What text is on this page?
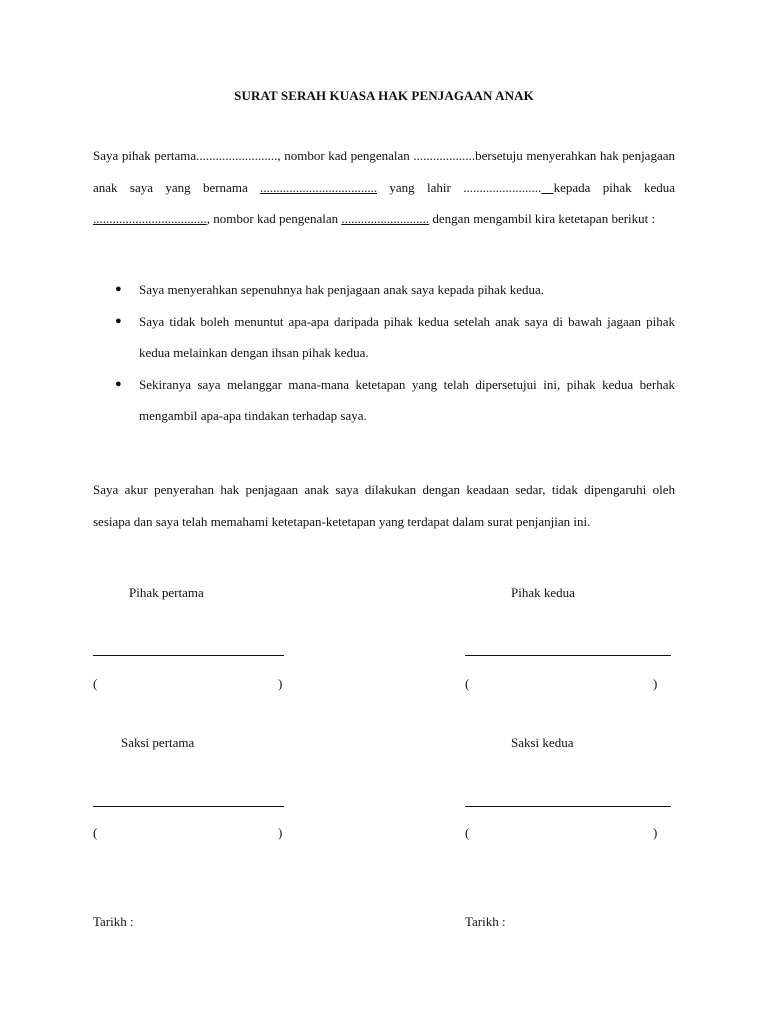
SURAT SERAH KUASA HAK PENJAGAAN ANAK
Saya pihak pertama........................., nombor kad pengenalan ...................bersetuju menyerahkan hak penjagaan anak saya yang bernama .................................... yang lahir ........................ kepada pihak kedua ..................................., nombor kad pengenalan ........................... dengan mengambil kira ketetapan berikut :
● Saya menyerahkan sepenuhnya hak penjagaan anak saya kepada pihak kedua.
● Saya tidak boleh menuntut apa-apa daripada pihak kedua setelah anak saya di bawah jagaan pihak kedua melainkan dengan ihsan pihak kedua.
● Sekiranya saya melanggar mana-mana ketetapan yang telah dipersetujui ini, pihak kedua berhak mengambil apa-apa tindakan terhadap saya.
Saya akur penyerahan hak penjagaan anak saya dilakukan dengan keadaan sedar, tidak dipengaruhi oleh sesiapa dan saya telah memahami ketetapan-ketetapan yang terdapat dalam surat penjanjian ini.
Pihak pertama	Pihak kedua
(	)	(	)
Saksi pertama	Saksi kedua
(	)	(	)
Tarikh :	Tarikh :
